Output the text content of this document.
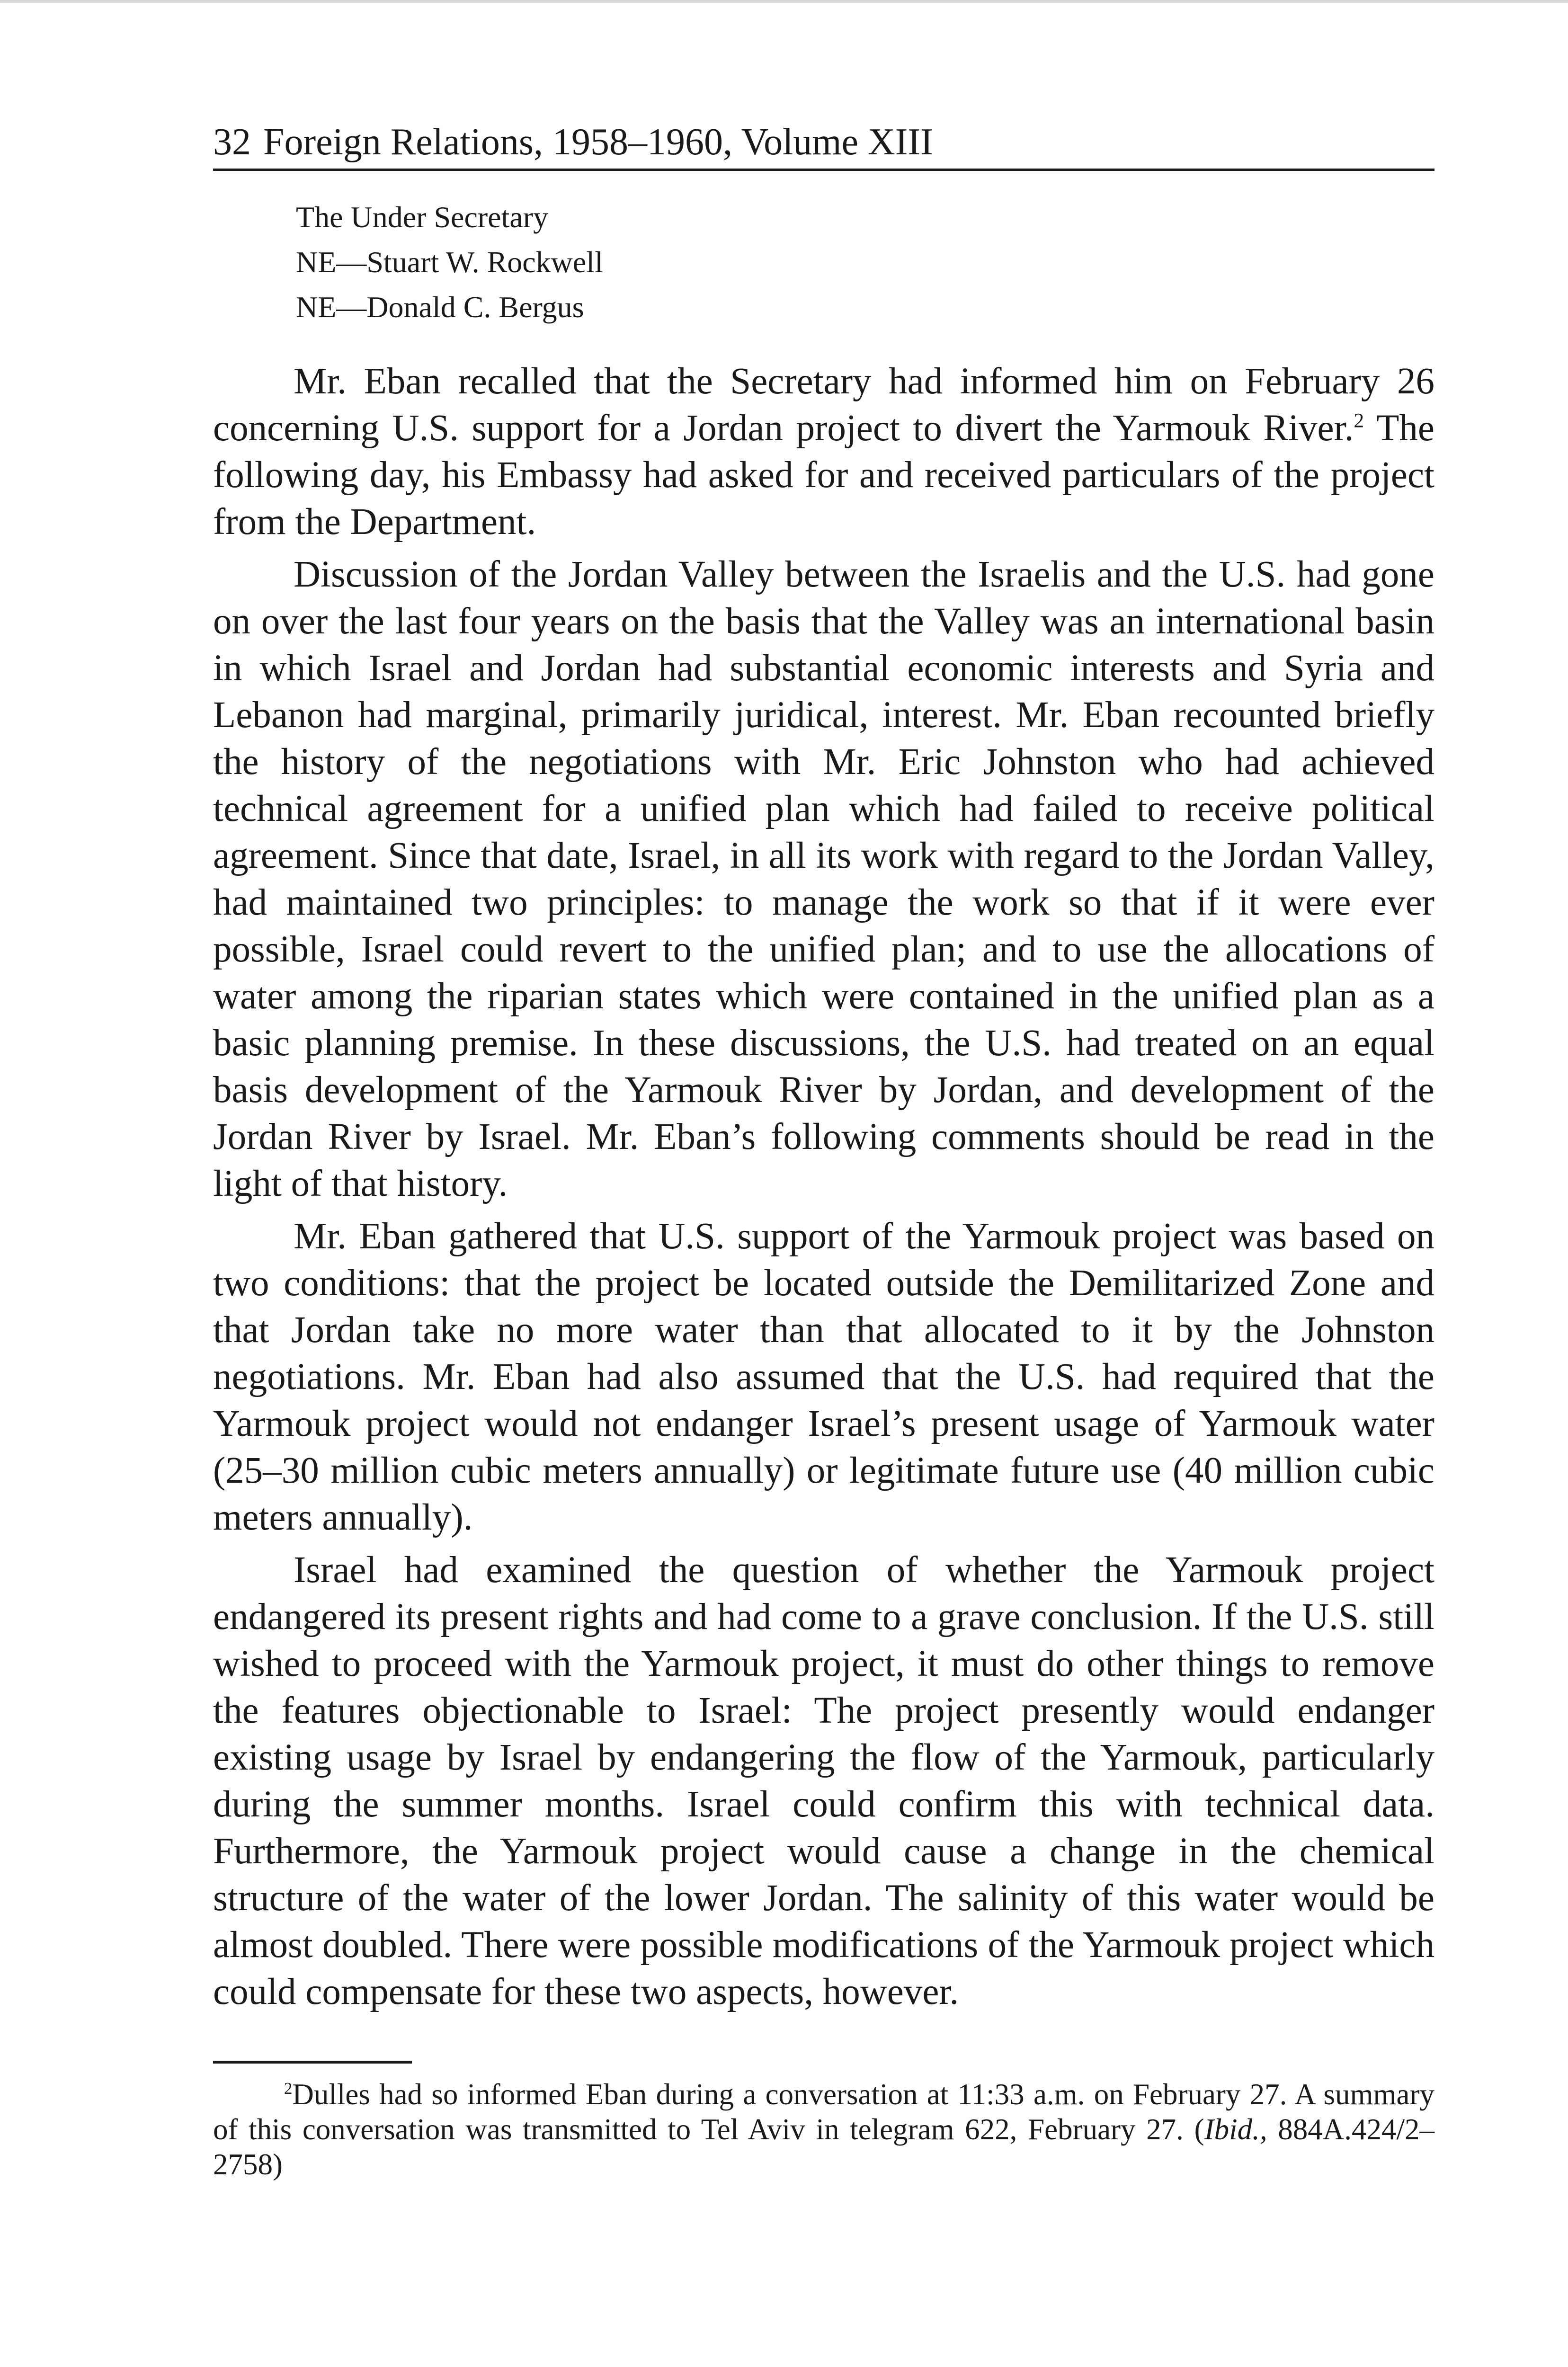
32 Foreign Relations, 1958–1960, Volume XIII
The Under Secretary
NE—Stuart W. Rockwell
NE—Donald C. Bergus

Mr. Eban recalled that the Secretary had informed him on February 26 concerning U.S. support for a Jordan project to divert the Yarmouk River.$^2$ The following day, his Embassy had asked for and received particulars of the project from the Department.

Discussion of the Jordan Valley between the Israelis and the U.S. had gone on over the last four years on the basis that the Valley was an international basin in which Israel and Jordan had substantial economic interests and Syria and Lebanon had marginal, primarily juridical, interest. Mr. Eban recounted briefly the history of the negotiations with Mr. Eric Johnston who had achieved technical agreement for a unified plan which had failed to receive political agreement. Since that date, Israel, in all its work with regard to the Jordan Valley, had maintained two principles: to manage the work so that if it were ever possible, Israel could revert to the unified plan; and to use the allocations of water among the riparian states which were contained in the unified plan as a basic planning premise. In these discussions, the U.S. had treated on an equal basis development of the Yarmouk River by Jordan, and development of the Jordan River by Israel. Mr. Eban’s following comments should be read in the light of that history.

Mr. Eban gathered that U.S. support of the Yarmouk project was based on two conditions: that the project be located outside the Demilitarized Zone and that Jordan take no more water than that allocated to it by the Johnston negotiations. Mr. Eban had also assumed that the U.S. had required that the Yarmouk project would not endanger Israel’s present usage of Yarmouk water (25–30 million cubic meters annually) or legitimate future use (40 million cubic meters annually).

Israel had examined the question of whether the Yarmouk project endangered its present rights and had come to a grave conclusion. If the U.S. still wished to proceed with the Yarmouk project, it must do other things to remove the features objectionable to Israel: The project presently would endanger existing usage by Israel by endangering the flow of the Yarmouk, particularly during the summer months. Israel could confirm this with technical data. Furthermore, the Yarmouk project would cause a change in the chemical structure of the water of the lower Jordan. The salinity of this water would be almost doubled. There were possible modifications of the Yarmouk project which could compensate for these two aspects, however.

$^2$Dulles had so informed Eban during a conversation at 11:33 a.m. on February 27. A summary of this conversation was transmitted to Tel Aviv in telegram 622, February 27. (Ibid., 884A.424/2–2758)
